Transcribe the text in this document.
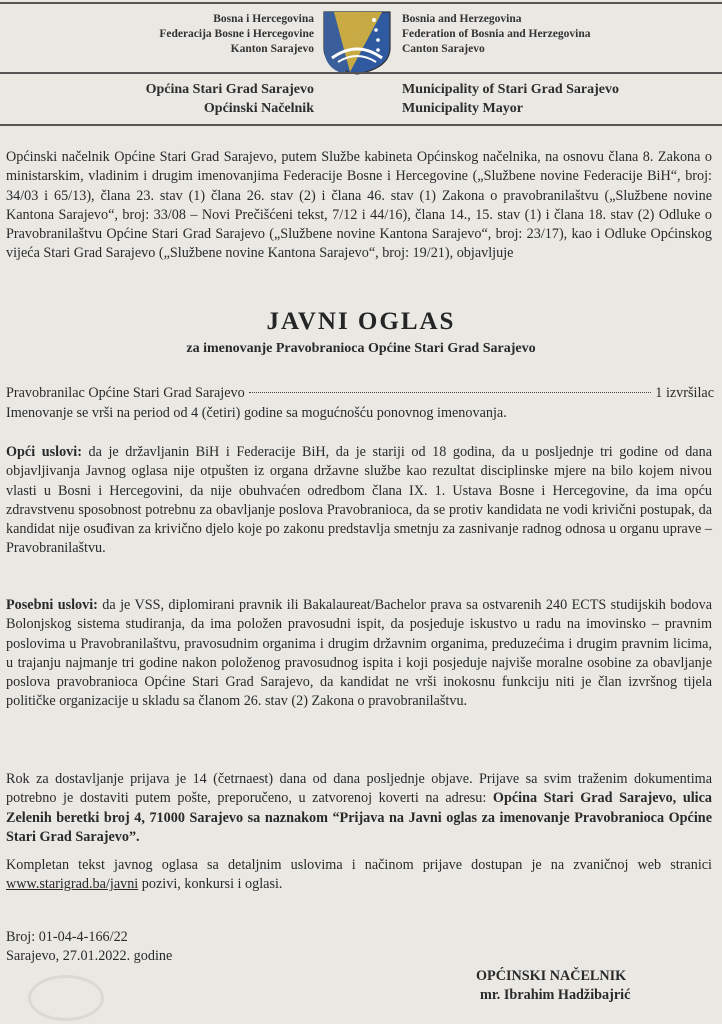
Bosna i Hercegovina
Federacija Bosne i Hercegovine
Kanton Sarajevo
Bosnia and Herzegovina
Federation of Bosnia and Herzegovina
Canton Sarajevo
Općina Stari Grad Sarajevo
Općinski Načelnik
Municipality of Stari Grad Sarajevo
Municipality Mayor
Općinski načelnik Općine Stari Grad Sarajevo, putem Službe kabineta Općinskog načelnika, na osnovu člana 8. Zakona o ministarskim, vladinim i drugim imenovanjima Federacije Bosne i Hercegovine („Službene novine Federacije BiH“, broj: 34/03 i 65/13), člana 23. stav (1) člana 26. stav (2) i člana 46. stav (1) Zakona o pravobranilaštvu („Službene novine Kantona Sarajevo“, broj: 33/08 – Novi Prečišćeni tekst, 7/12 i 44/16), člana 14., 15. stav (1) i člana 18. stav (2) Odluke o Pravobranilaštvu Općine Stari Grad Sarajevo („Službene novine Kantona Sarajevo“, broj: 23/17), kao i Odluke Općinskog vijeća Stari Grad Sarajevo („Službene novine Kantona Sarajevo“, broj: 19/21), objavljuje
JAVNI OGLAS
za imenovanje Pravobranioca Općine Stari Grad Sarajevo
Pravobranilac Općine Stari Grad Sarajevo	1 izvršilac
Imenovanje se vrši na period od 4 (četiri) godine sa mogućnošću ponovnog imenovanja.
Opći uslovi: da je državljanin BiH i Federacije BiH, da je stariji od 18 godina, da u posljednje tri godine od dana objavljivanja Javnog oglasa nije otpušten iz organa državne službe kao rezultat disciplinske mjere na bilo kojem nivou vlasti u Bosni i Hercegovini, da nije obuhvaćen odredbom člana IX. 1. Ustava Bosne i Hercegovine, da ima opću zdravstvenu sposobnost potrebnu za obavljanje poslova Pravobranioca, da se protiv kandidata ne vodi krivični postupak, da kandidat nije osuđivan za krivično djelo koje po zakonu predstavlja smetnju za zasnivanje radnog odnosa u organu uprave – Pravobranilaštvu.
Posebni uslovi: da je VSS, diplomirani pravnik ili Bakalaureat/Bachelor prava sa ostvarenih 240 ECTS studijskih bodova Bolonjskog sistema studiranja, da ima položen pravosudni ispit, da posjeduje iskustvo u radu na imovinsko – pravnim poslovima u Pravobranilaštvu, pravosudnim organima i drugim državnim organima, preduzećima i drugim pravnim licima, u trajanju najmanje tri godine nakon položenog pravosudnog ispita i koji posjeduje najviše moralne osobine za obavljanje poslova pravobranioca Općine Stari Grad Sarajevo, da kandidat ne vrši inokosnu funkciju niti je član izvršnog tijela političke organizacije u skladu sa članom 26. stav (2) Zakona o pravobranilaštvu.
Rok za dostavljanje prijava je 14 (četrnaest) dana od dana posljednje objave. Prijave sa svim traženim dokumentima potrebno je dostaviti putem pošte, preporučeno, u zatvorenoj koverti na adresu: Općina Stari Grad Sarajevo, ulica Zelenih beretki broj 4, 71000 Sarajevo sa naznakom “Prijava na Javni oglas za imenovanje Pravobranioca Općine Stari Grad Sarajevo”.
Kompletan tekst javnog oglasa sa detaljnim uslovima i načinom prijave dostupan je na zvaničnoj web stranici www.starigrad.ba/javni pozivi, konkursi i oglasi.
Broj: 01-04-4-166/22
Sarajevo, 27.01.2022. godine
OPĆINSKI NAČELNIK
mr. Ibrahim Hadžibajrić
